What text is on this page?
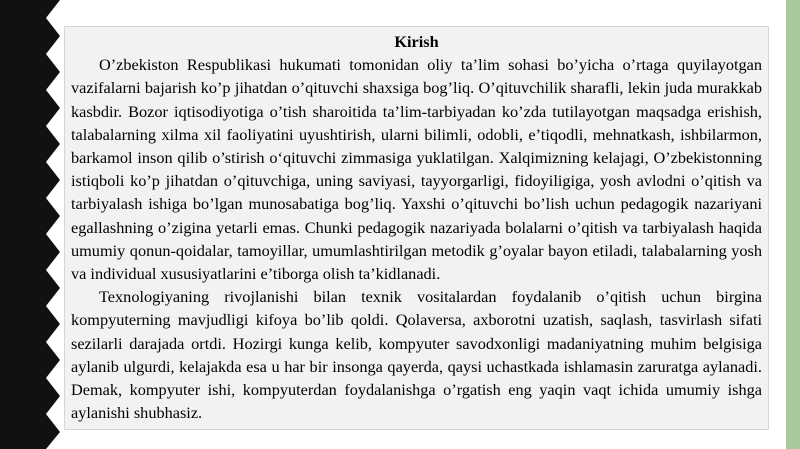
Kirish

O’zbekiston Respublikasi hukumati tomonidan oliy ta’lim sohasi bo’yicha o’rtaga quyilayotgan vazifalarni bajarish ko’p jihatdan o’qituvchi shaxsiga bog’liq. O’qituvchilik sharafli, lekin juda murakkab kasbdir. Bozor iqtisodiyotiga o’tish sharoitida ta’lim-tarbiyadan ko’zda tutilayotgan maqsadga erishish, talabalarning xilma xil faoliyatini uyushtirish, ularni bilimli, odobli, e’tiqodli, mehnatkash, ishbilarmon, barkamol inson qilib o’stirish o‘qituvchi zimmasiga yuklatilgan. Xalqimizning kelajagi, O’zbekistonning istiqboli ko’p jihatdan o’qituvchiga, uning saviyasi, tayyorgarligi, fidoyiligiga, yosh avlodni o’qitish va tarbiyalash ishiga bo’lgan munosabatiga bog’liq. Yaxshi o’qituvchi bo’lish uchun pedagogik nazariyani egallashning o’zigina yetarli emas. Chunki pedagogik nazariyada bolalarni o’qitish va tarbiyalash haqida umumiy qonun-qoidalar, tamoyillar, umumlashtirilgan metodik g’oyalar bayon etiladi, talabalarning yosh va individual xususiyatlarini e’tiborga olish ta’kidlanadi.

Texnologiyaning rivojlanishi bilan texnik vositalardan foydalanib o’qitish uchun birgina kompyuterning mavjudligi kifoya bo’lib qoldi. Qolaversa, axborotni uzatish, saqlash, tasvirlash sifati sezilarli darajada ortdi. Hozirgi kunga kelib, kompyuter savodxonligi madaniyatning muhim belgisiga aylanib ulgurdi, kelajakda esa u har bir insonga qayerda, qaysi uchastkada ishlamasin zaruratga aylanadi. Demak, kompyuter ishi, kompyuterdan foydalanishga o’rgatish eng yaqin vaqt ichida umumiy ishga aylanishi shubhasiz.
